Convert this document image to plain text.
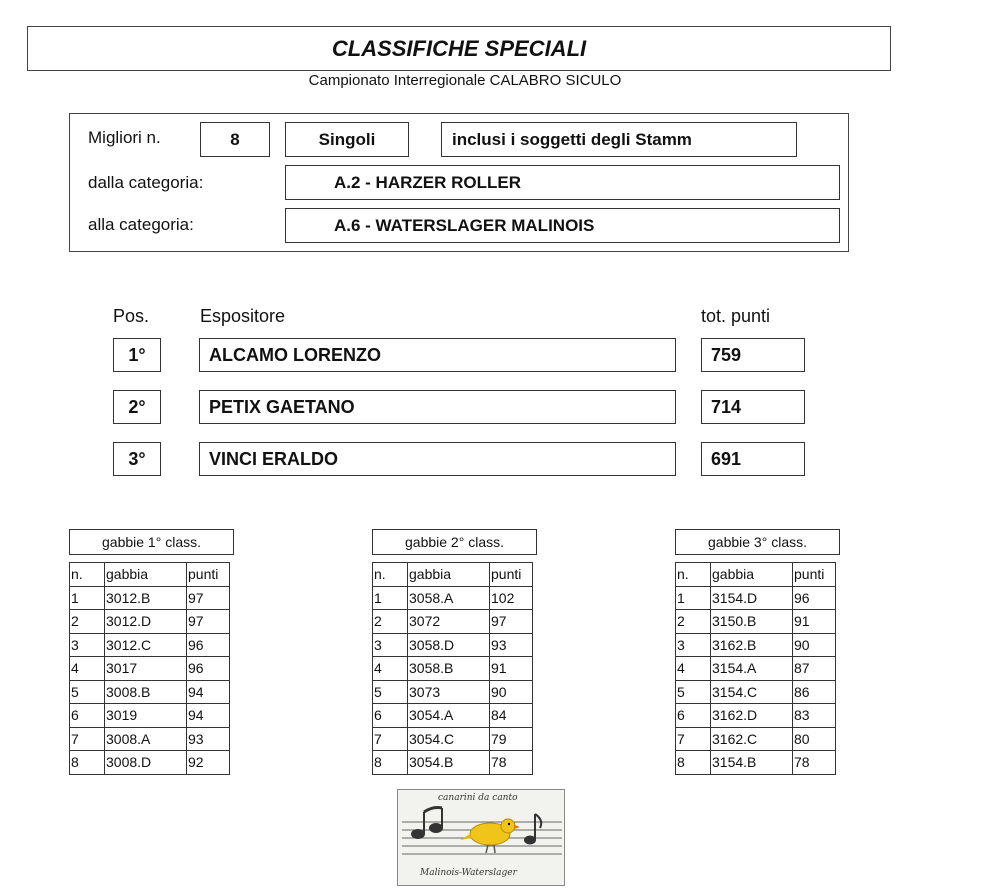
CLASSIFICHE SPECIALI
Campionato Interregionale CALABRO SICULO
Migliori n.	8	Singoli	inclusi i soggetti degli Stamm
dalla categoria:	A.2 - HARZER ROLLER
alla categoria:	A.6 - WATERSLAGER MALINOIS
Pos.	Espositore	tot. punti
1°	ALCAMO LORENZO	759
2°	PETIX GAETANO	714
3°	VINCI ERALDO	691
gabbie 1° class.
n.	gabbia	punti
1	3012.B	97
2	3012.D	97
3	3012.C	96
4	3017	96
5	3008.B	94
6	3019	94
7	3008.A	93
8	3008.D	92
gabbie 2° class.
n.	gabbia	punti
1	3058.A	102
2	3072	97
3	3058.D	93
4	3058.B	91
5	3073	90
6	3054.A	84
7	3054.C	79
8	3054.B	78
gabbie 3° class.
n.	gabbia	punti
1	3154.D	96
2	3150.B	91
3	3162.B	90
4	3154.A	87
5	3154.C	86
6	3162.D	83
7	3162.C	80
8	3154.B	78
canarini da canto
Malinois-Waterslager
